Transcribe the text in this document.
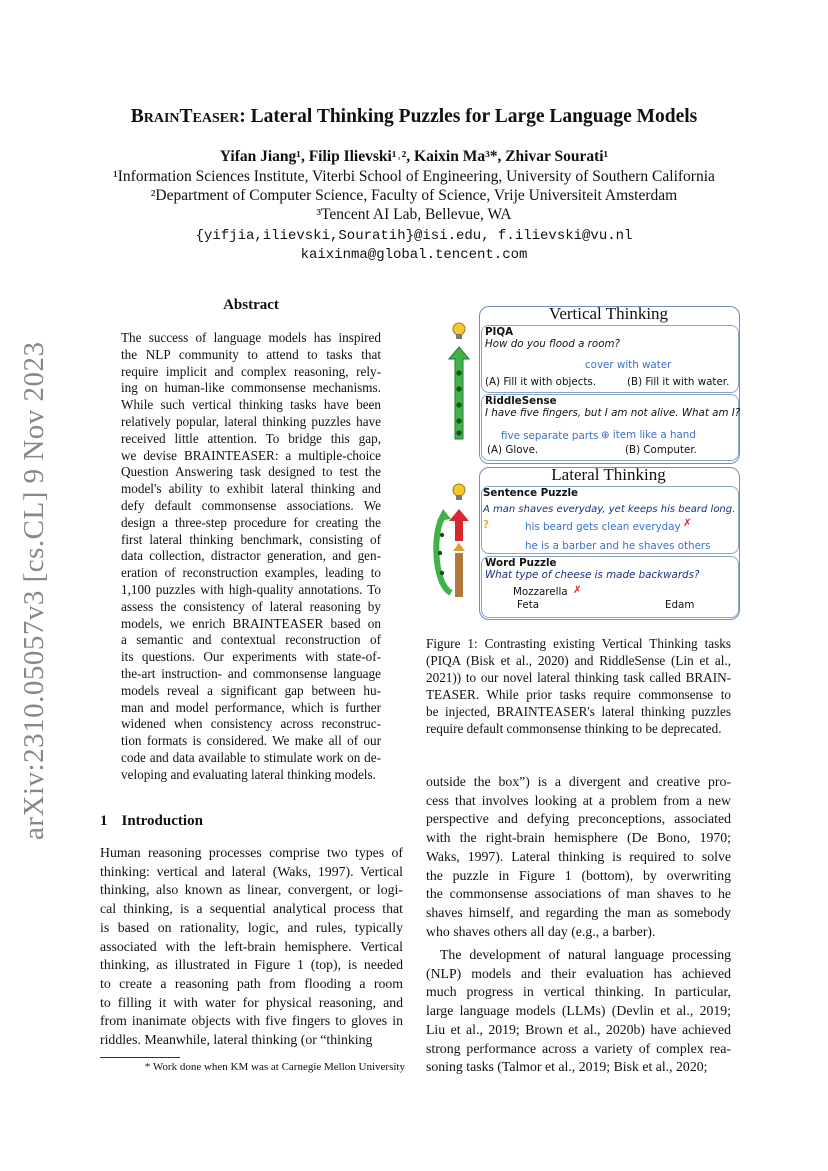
arXiv:2310.05057v3 [cs.CL] 9 Nov 2023
BrainTeaser: Lateral Thinking Puzzles for Large Language Models
Yifan Jiang¹, Filip Ilievski¹˒², Kaixin Ma³*, Zhivar Sourati¹
¹Information Sciences Institute, Viterbi School of Engineering, University of Southern California
²Department of Computer Science, Faculty of Science, Vrije Universiteit Amsterdam
³Tencent AI Lab, Bellevue, WA
{yifjia,ilievski,Souratih}@isi.edu, f.ilievski@vu.nl
kaixinma@global.tencent.com
Abstract
The success of language models has inspired
the NLP community to attend to tasks that
require implicit and complex reasoning, rely-
ing on human-like commonsense mechanisms.
While such vertical thinking tasks have been
relatively popular, lateral thinking puzzles have
received little attention. To bridge this gap,
we devise BRAINTEASER: a multiple-choice
Question Answering task designed to test the
model's ability to exhibit lateral thinking and
defy default commonsense associations. We
design a three-step procedure for creating the
first lateral thinking benchmark, consisting of
data collection, distractor generation, and gen-
eration of reconstruction examples, leading to
1,100 puzzles with high-quality annotations. To
assess the consistency of lateral reasoning by
models, we enrich BRAINTEASER based on
a semantic and contextual reconstruction of
its questions. Our experiments with state-of-
the-art instruction- and commonsense language
models reveal a significant gap between hu-
man and model performance, which is further
widened when consistency across reconstruc-
tion formats is considered. We make all of our
code and data available to stimulate work on de-
veloping and evaluating lateral thinking models.
1 Introduction
Human reasoning processes comprise two types of
thinking: vertical and lateral (Waks, 1997). Vertical
thinking, also known as linear, convergent, or logi-
cal thinking, is a sequential analytical process that
is based on rationality, logic, and rules, typically
associated with the left-brain hemisphere. Vertical
thinking, as illustrated in Figure 1 (top), is needed
to create a reasoning path from flooding a room
to filling it with water for physical reasoning, and
from inanimate objects with five fingers to gloves in
riddles. Meanwhile, lateral thinking (or “thinking
* Work done when KM was at Carnegie Mellon University
Vertical Thinking
PIQA
How do you flood a room?
cover with water
(A) Fill it with objects.	(B) Fill it with water.
RiddleSense
I have five fingers, but I am not alive. What am I?
five separate parts ⊕ item like a hand
(A) Glove.	(B) Computer.
Lateral Thinking
Sentence Puzzle
A man shaves everyday, yet keeps his beard long.
his beard gets clean everyday ✗
he is a barber and he shaves others
?
Word Puzzle
What type of cheese is made backwards?
Mozzarella
Feta
✗
Edam
Figure 1: Contrasting existing Vertical Thinking tasks
(PIQA (Bisk et al., 2020) and RiddleSense (Lin et al.,
2021)) to our novel lateral thinking task called BRAIN-
TEASER. While prior tasks require commonsense to
be injected, BRAINTEASER's lateral thinking puzzles
require default commonsense thinking to be deprecated.
outside the box”) is a divergent and creative pro-
cess that involves looking at a problem from a new
perspective and defying preconceptions, associated
with the right-brain hemisphere (De Bono, 1970;
Waks, 1997). Lateral thinking is required to solve
the puzzle in Figure 1 (bottom), by overwriting
the commonsense associations of man shaves to he
shaves himself, and regarding the man as somebody
who shaves others all day (e.g., a barber).
The development of natural language processing
(NLP) models and their evaluation has achieved
much progress in vertical thinking. In particular,
large language models (LLMs) (Devlin et al., 2019;
Liu et al., 2019; Brown et al., 2020b) have achieved
strong performance across a variety of complex rea-
soning tasks (Talmor et al., 2019; Bisk et al., 2020;
